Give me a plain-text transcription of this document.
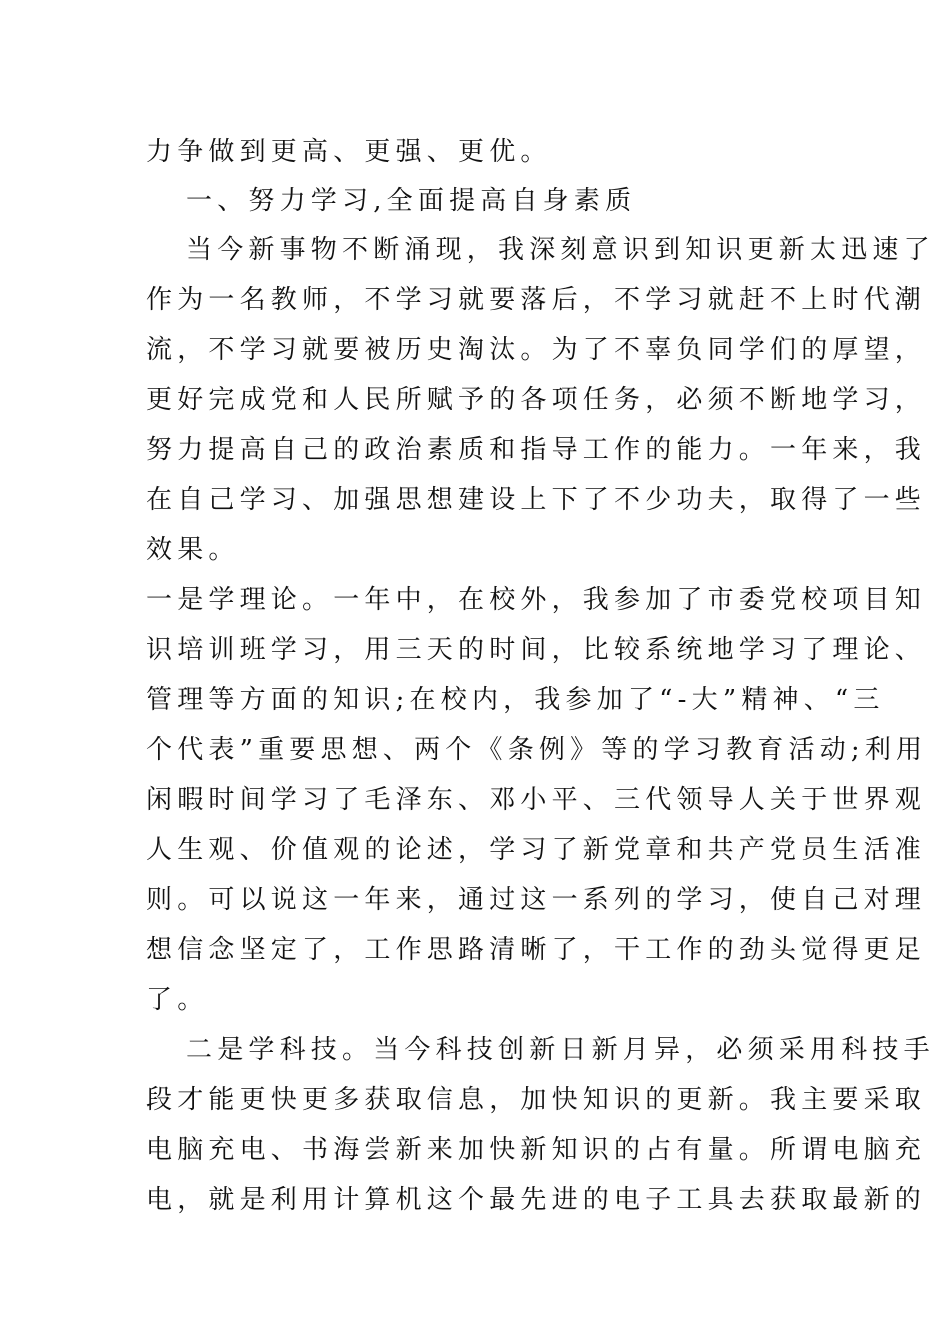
力争做到更高、更强、更优。
一、努力学习,全面提高自身素质
当今新事物不断涌现，我深刻意识到知识更新太迅速了
作为一名教师，不学习就要落后，不学习就赶不上时代潮
流，不学习就要被历史淘汰。为了不辜负同学们的厚望，
更好完成党和人民所赋予的各项任务，必须不断地学习，
努力提高自己的政治素质和指导工作的能力。一年来，我
在自己学习、加强思想建设上下了不少功夫，取得了一些
效果。
一是学理论。一年中，在校外，我参加了市委党校项目知
识培训班学习，用三天的时间，比较系统地学习了理论、
管理等方面的知识;在校内，我参加了“-大”精神、“三
个代表”重要思想、两个《条例》等的学习教育活动;利用
闲暇时间学习了毛泽东、邓小平、三代领导人关于世界观
人生观、价值观的论述，学习了新党章和共产党员生活准
则。可以说这一年来，通过这一系列的学习，使自己对理
想信念坚定了，工作思路清晰了，干工作的劲头觉得更足
了。
二是学科技。当今科技创新日新月异，必须采用科技手
段才能更快更多获取信息，加快知识的更新。我主要采取
电脑充电、书海尝新来加快新知识的占有量。所谓电脑充
电，就是利用计算机这个最先进的电子工具去获取最新的
